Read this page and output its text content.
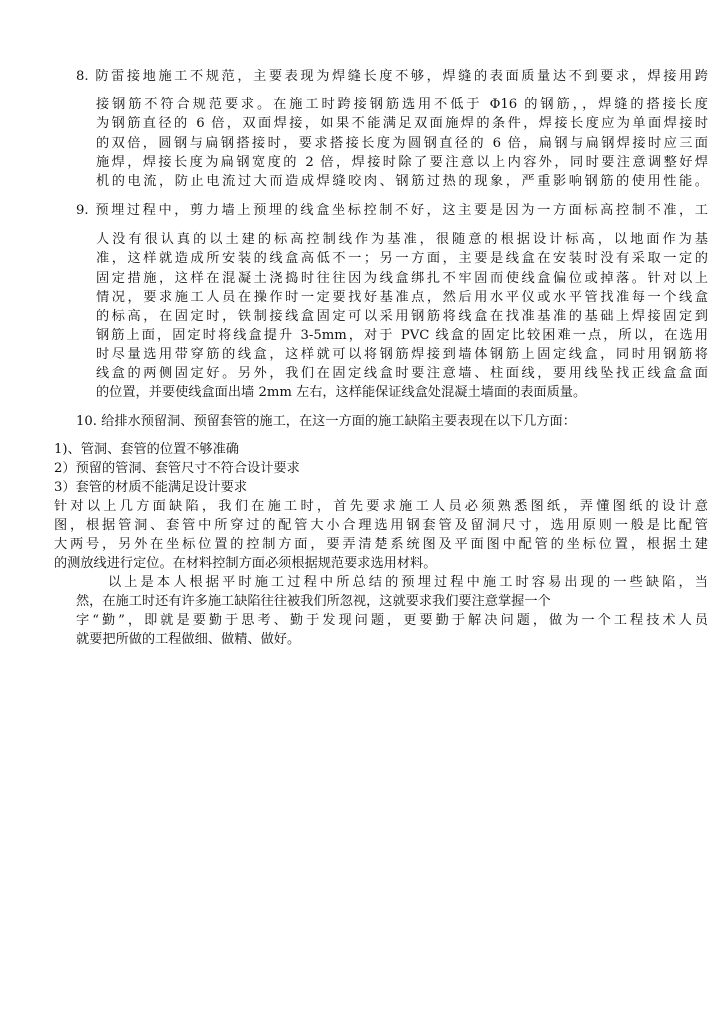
8. 防雷接地施工不规范，主要表现为焊缝长度不够，焊缝的表面质量达不到要求，焊接用跨
接钢筋不符合规范要求。在施工时跨接钢筋选用不低于 Φ16 的钢筋，，焊缝的搭接长度
为钢筋直径的 6 倍，双面焊接，如果不能满足双面施焊的条件，焊接长度应为单面焊接时
的双倍，圆钢与扁钢搭接时，要求搭接长度为圆钢直径的 6 倍，扁钢与扁钢焊接时应三面
施焊，焊接长度为扁钢宽度的 2 倍，焊接时除了要注意以上内容外，同时要注意调整好焊
机的电流，防止电流过大而造成焊缝咬肉、钢筋过热的现象，严重影响钢筋的使用性能。
9. 预埋过程中，剪力墙上预埋的线盒坐标控制不好，这主要是因为一方面标高控制不准，工
人没有很认真的以土建的标高控制线作为基准，很随意的根据设计标高，以地面作为基
准，这样就造成所安装的线盒高低不一；另一方面，主要是线盒在安装时没有采取一定的
固定措施，这样在混凝土浇捣时往往因为线盒绑扎不牢固而使线盒偏位或掉落。针对以上
情况，要求施工人员在操作时一定要找好基准点，然后用水平仪或水平管找准每一个线盒
的标高，在固定时，铁制接线盒固定可以采用钢筋将线盒在找准基准的基础上焊接固定到
钢筋上面，固定时将线盒提升 3-5mm，对于 PVC 线盒的固定比较困难一点，所以，在选用
时尽量选用带穿筋的线盒，这样就可以将钢筋焊接到墙体钢筋上固定线盒，同时用钢筋将
线盒的两侧固定好。另外，我们在固定线盒时要注意墙、柱面线，要用线坠找正线盒盒面
的位置，并要使线盒面出墙 2mm 左右，这样能保证线盒处混凝土墙面的表面质量。
10. 给排水预留洞、预留套管的施工，在这一方面的施工缺陷主要表现在以下几方面：
1)、管洞、套管的位置不够准确
2）预留的管洞、套管尺寸不符合设计要求
3）套管的材质不能满足设计要求
针对以上几方面缺陷，我们在施工时，首先要求施工人员必须熟悉图纸，弄懂图纸的设计意
图，根据管洞、套管中所穿过的配管大小合理选用钢套管及留洞尺寸，选用原则一般是比配管
大两号，另外在坐标位置的控制方面，要弄清楚系统图及平面图中配管的坐标位置，根据土建
的测放线进行定位。在材料控制方面必须根据规范要求选用材料。
以上是本人根据平时施工过程中所总结的预埋过程中施工时容易出现的一些缺陷，当
然，在施工时还有许多施工缺陷往往被我们所忽视，这就要求我们要注意掌握一个
字“勤”，即就是要勤于思考、勤于发现问题，更要勤于解决问题，做为一个工程技术人员
就要把所做的工程做细、做精、做好。
